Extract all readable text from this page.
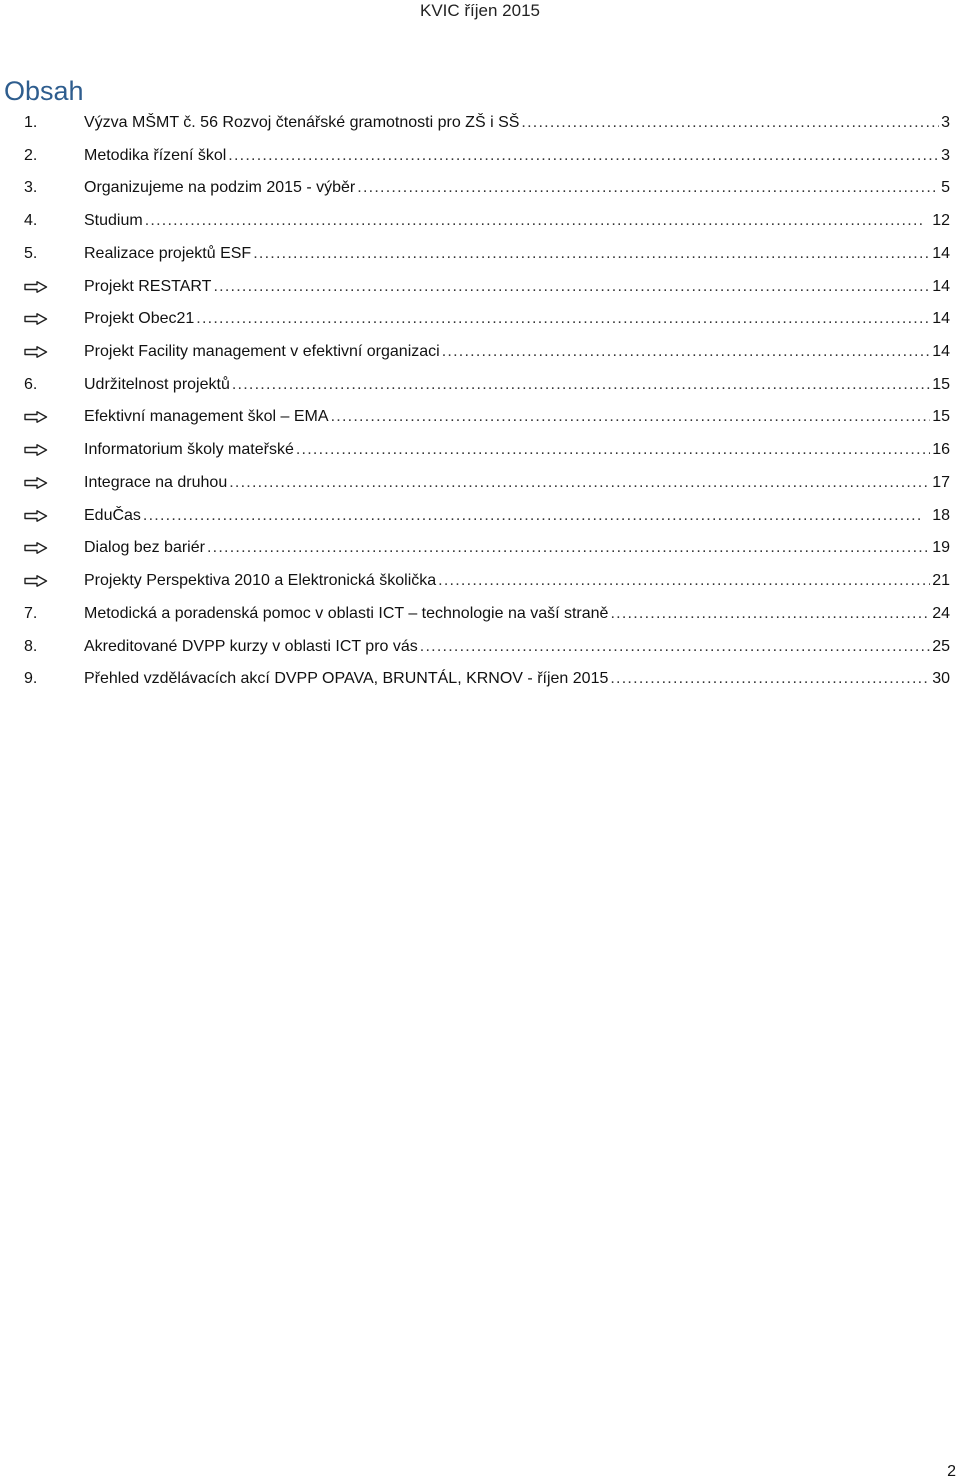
KVIC říjen 2015
Obsah
1.	Výzva MŠMT č. 56 Rozvoj čtenářské gramotnosti pro ZŠ i SŠ . . .	3
2.	Metodika řízení škol . . .	3
3.	Organizujeme na podzim 2015 - výběr . . .	5
4.	Studium . . .	12
5.	Realizace projektů ESF . . .	14
Projekt RESTART . . .	14
Projekt Obec21 . . .	14
Projekt Facility management v efektivní organizaci . . .	14
6.	Udržitelnost projektů . . .	15
Efektivní management škol – EMA . . .	15
Informatorium školy mateřské . . .	16
Integrace na druhou . . .	17
EduČas . . .	18
Dialog bez bariér . . .	19
Projekty Perspektiva 2010 a Elektronická školička . . .	21
7.	Metodická a poradenská pomoc v oblasti ICT – technologie na vaší straně . . .	24
8.	Akreditované DVPP kurzy v oblasti ICT pro vás . . .	25
9.	Přehled vzdělávacích akcí DVPP OPAVA, BRUNTÁL, KRNOV - říjen 2015 . . .	30
2
